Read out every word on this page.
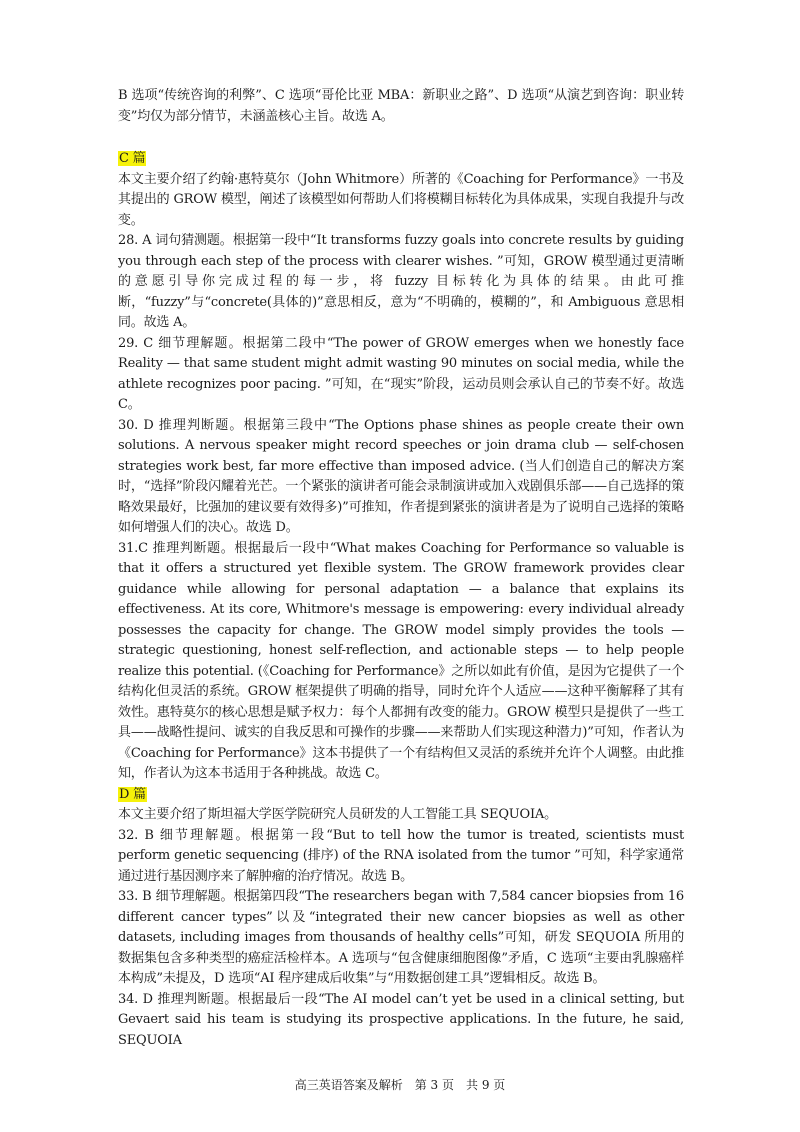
B 选项“传统咨询的利弊”、C 选项“哥伦比亚 MBA：新职业之路”、D 选项“从演艺到咨询：职业转变”均仅为部分情节，未涵盖核心主旨。故选 A。

C 篇

本文主要介绍了约翰·惠特莫尔（John Whitmore）所著的《Coaching for Performance》一书及其提出的 GROW 模型，阐述了该模型如何帮助人们将模糊目标转化为具体成果，实现自我提升与改变。

28. A 词句猜测题。根据第一段中“It transforms fuzzy goals into concrete results by guiding you through each step of the process with clearer wishes. ”可知，GROW 模型通过更清晰的意愿引导你完成过程的每一步，将 fuzzy 目标转化为具体的结果。由此可推断，“fuzzy”与“concrete(具体的)”意思相反，意为“不明确的，模糊的”，和 Ambiguous 意思相同。故选 A。

29. C 细节理解题。根据第二段中“The power of GROW emerges when we honestly face Reality — that same student might admit wasting 90 minutes on social media, while the athlete recognizes poor pacing. ”可知，在“现实”阶段，运动员则会承认自己的节奏不好。故选 C。

30. D 推理判断题。根据第三段中“The Options phase shines as people create their own solutions. A nervous speaker might record speeches or join drama club — self-chosen strategies work best, far more effective than imposed advice. (当人们创造自己的解决方案时，“选择”阶段闪耀着光芒。一个紧张的演讲者可能会录制演讲或加入戏剧俱乐部——自己选择的策略效果最好，比强加的建议要有效得多)”可推知，作者提到紧张的演讲者是为了说明自己选择的策略如何增强人们的决心。故选 D。

31.C 推理判断题。根据最后一段中“What makes Coaching for Performance so valuable is that it offers a structured yet flexible system. The GROW framework provides clear guidance while allowing for personal adaptation — a balance that explains its effectiveness. At its core, Whitmore's message is empowering: every individual already possesses the capacity for change. The GROW model simply provides the tools — strategic questioning, honest self-reflection, and actionable steps — to help people realize this potential. (《Coaching for Performance》之所以如此有价值，是因为它提供了一个结构化但灵活的系统。GROW 框架提供了明确的指导，同时允许个人适应——这种平衡解释了其有效性。惠特莫尔的核心思想是赋予权力：每个人都拥有改变的能力。GROW 模型只是提供了一些工具——战略性提问、诚实的自我反思和可操作的步骤——来帮助人们实现这种潜力)”可知，作者认为《Coaching for Performance》这本书提供了一个有结构但又灵活的系统并允许个人调整。由此推知，作者认为这本书适用于各种挑战。故选 C。

D 篇

本文主要介绍了斯坦福大学医学院研究人员研发的人工智能工具 SEQUOIA。

32. B 细节理解题。根据第一段“But to tell how the tumor is treated, scientists must perform genetic sequencing (排序) of the RNA isolated from the tumor ”可知，科学家通常通过进行基因测序来了解肿瘤的治疗情况。故选 B。

33. B 细节理解题。根据第四段“The researchers began with 7,584 cancer biopsies from 16 different cancer types”以及“integrated their new cancer biopsies as well as other datasets, including images from thousands of healthy cells”可知，研发 SEQUOIA 所用的数据集包含多种类型的癌症活检样本。A 选项与“包含健康细胞图像”矛盾，C 选项“主要由乳腺癌样本构成”未提及，D 选项“AI 程序建成后收集”与“用数据创建工具”逻辑相反。故选 B。

34. D 推理判断题。根据最后一段“The AI model can’t yet be used in a clinical setting, but Gevaert said his team is studying its prospective applications. In the future, he said, SEQUOIA

高三英语答案及解析　第 3 页　共 9 页
